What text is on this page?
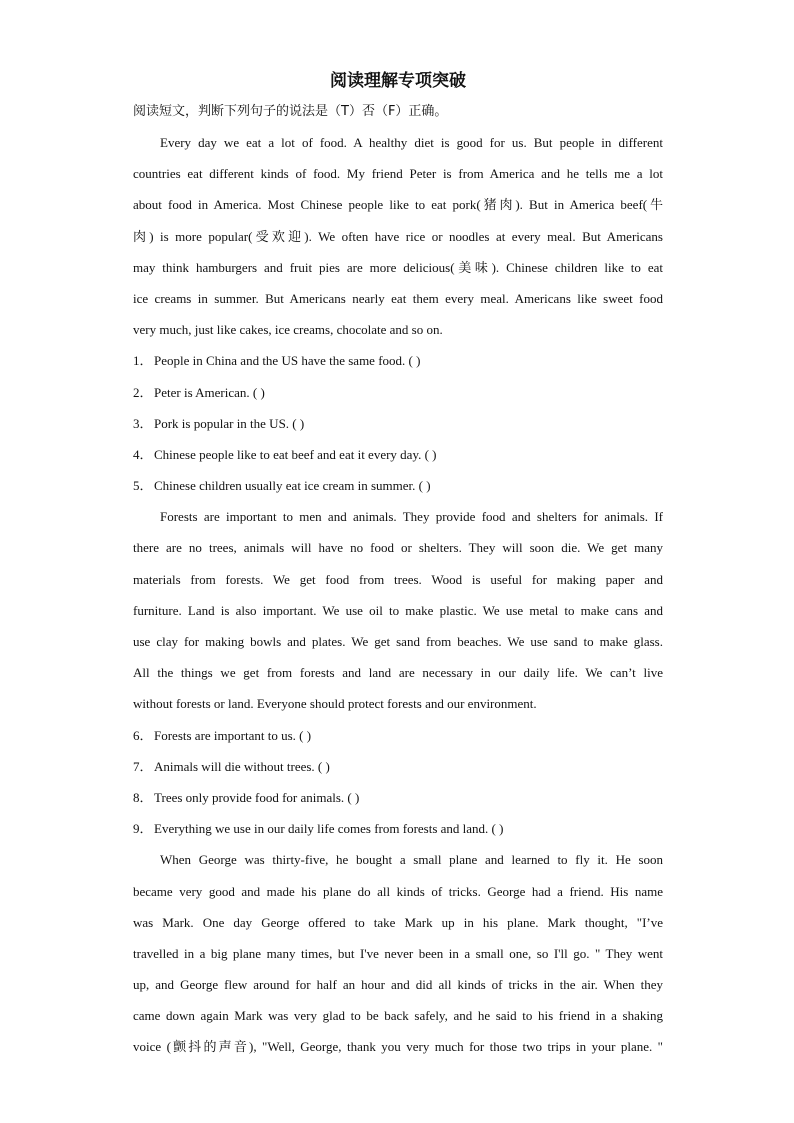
阅读理解专项突破

阅读短文，判断下列句子的说法是（T）否（F）正确。

Every day we eat a lot of food. A healthy diet is good for us. But people in different

countries eat different kinds of food. My friend Peter is from America and he tells me a lot

about food in America. Most Chinese people like to eat pork(猪肉). But in America beef(牛

肉) is more popular(受欢迎). We often have rice or noodles at every meal. But Americans

may think hamburgers and fruit pies are more delicious(美味). Chinese children like to eat

ice creams in summer. But Americans nearly eat them every meal. Americans like sweet food

very much, just like cakes, ice creams, chocolate and so on.

1．People in China and the US have the same food. ( )

2．Peter is American. ( )

3．Pork is popular in the US. ( )

4．Chinese people like to eat beef and eat it every day. ( )

5．Chinese children usually eat ice cream in summer. ( )

Forests are important to men and animals. They provide food and shelters for animals. If

there are no trees, animals will have no food or shelters. They will soon die. We get many

materials from forests. We get food from trees. Wood is useful for making paper and

furniture. Land is also important. We use oil to make plastic. We use metal to make cans and

use clay for making bowls and plates. We get sand from beaches. We use sand to make glass.

All the things we get from forests and land are necessary in our daily life. We can’t live

without forests or land. Everyone should protect forests and our environment.

6．Forests are important to us. ( )

7．Animals will die without trees. ( )

8．Trees only provide food for animals. ( )

9．Everything we use in our daily life comes from forests and land. ( )

When George was thirty-five, he bought a small plane and learned to fly it. He soon

became very good and made his plane do all kinds of tricks. George had a friend. His name

was Mark. One day George offered to take Mark up in his plane. Mark thought, "I’ve

travelled in a big plane many times, but I've never been in a small one, so I'll go. " They went

up, and George flew around for half an hour and did all kinds of tricks in the air. When they

came down again Mark was very glad to be back safely, and he said to his friend in a shaking

voice (颤抖的声音), "Well, George, thank you very much for those two trips in your plane. "
